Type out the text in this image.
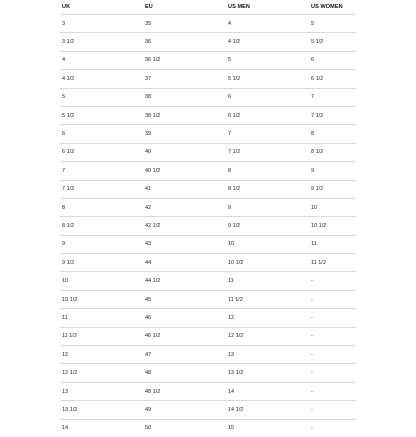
UK	EU	US MEN	US WOMEN
3	35	4	5
3 1/2	36	4 1/2	5 1/2
4	36 1/2	5	6
4 1/2	37	5 1/2	6 1/2
5	38	6	7
5 1/2	38 1/2	6 1/2	7 1/2
6	39	7	8
6 1/2	40	7 1/2	8 1/2
7	40 1/2	8	9
7 1/2	41	8 1/2	9 1/2
8	42	9	10
8 1/2	42 1/2	9 1/2	10 1/2
9	43	10	11
9 1/2	44	10 1/2	11 1/2
10	44 1/2	11	-
10 1/2	45	11 1/2	-
11	46	12	-
11 1/2	46 1/2	12 1/2	-
12	47	13	-
12 1/2	48	13 1/2	-
13	48 1/2	14	-
13 1/2	49	14 1/2	-
14	50	15	-
